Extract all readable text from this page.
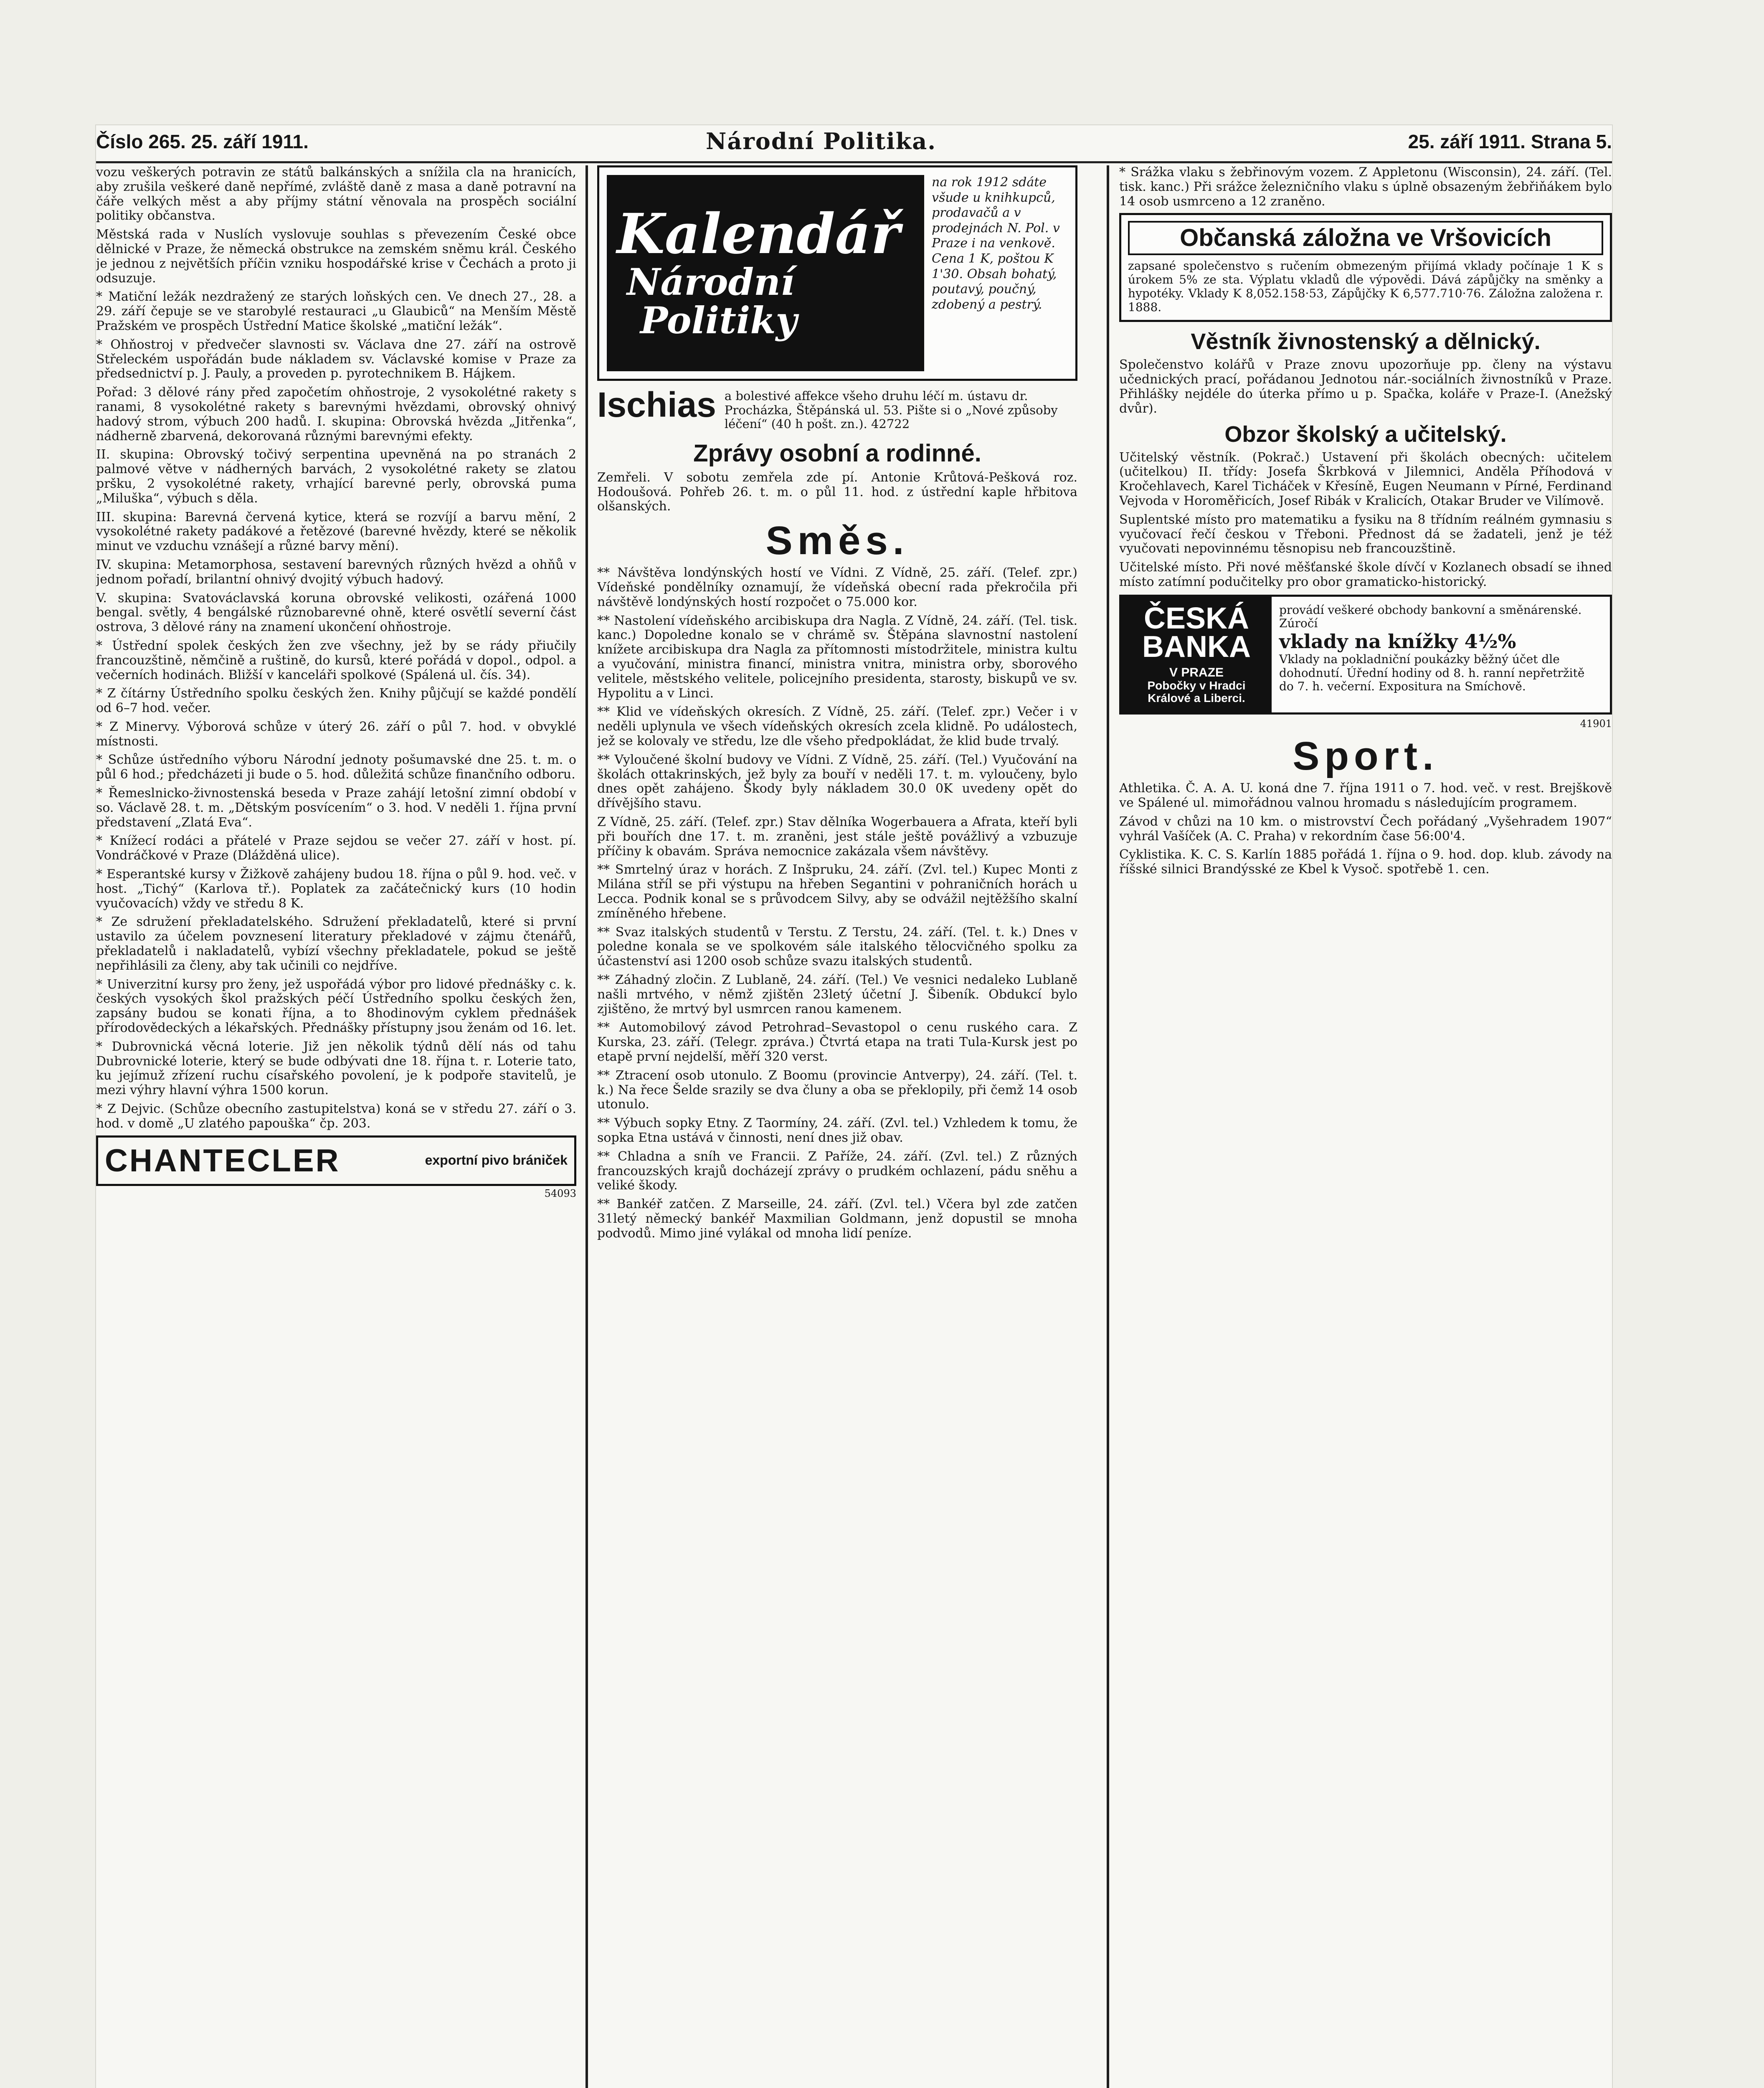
Číslo 265. 25. září 1911.	Národní Politika.	25. září 1911. Strana 5.

vozu veškerých potravin ze států balkánských a snížila cla na hranicích, aby zrušila veškeré daně nepřímé, zvláště daně z masa a daně potravní na čáře velkých měst a aby příjmy státní věnovala na prospěch sociální politiky občanstva.

Městská rada v Nuslích vyslovuje souhlas s převezením České obce dělnické v Praze, že německá obstrukce na zemském sněmu král. Českého je jednou z největších příčin vzniku hospodářské krise v Čechách a proto ji odsuzuje.

* Matiční ležák nezdražený ze starých loňských cen. Ve dnech 27., 28. a 29. září čepuje se ve starobylé restauraci „u Glaubiců“ na Menším Městě Pražském ve prospěch Ústřední Matice školské „matiční ležák“.

* Ohňostroj v předvečer slavnosti sv. Václava dne 27. září na ostrově Střeleckém uspořádán bude nákladem sv. Václavské komise v Praze za předsednictví p. J. Pauly, a proveden p. pyrotechnikem B. Hájkem.

Pořad: 3 dělové rány před započetím ohňostroje, 2 vysokolétné rakety s ranami, 8 vysokolétné rakety s barevnými hvězdami, obrovský ohnivý hadový strom, výbuch 200 hadů. I. skupina: Obrovská hvězda „Jitřenka“, nádherně zbarvená, dekorovaná různými barevnými efekty.

II. skupina: Obrovský točivý serpentina upevněná na po stranách 2 palmové větve v nádherných barvách, 2 vysokolétné rakety se zlatou pršku, 2 vysokolétné rakety, vrhající barevné perly, obrovská puma „Miluška“, výbuch s děla.

III. skupina: Barevná červená kytice, která se rozvíjí a barvu mění, 2 vysokolétné rakety padákové a řetězové (barevné hvězdy, které se několik minut ve vzduchu vznášejí a různé barvy mění).

IV. skupina: Metamorphosa, sestavení barevných různých hvězd a ohňů v jednom pořadí, brilantní ohnivý dvojitý výbuch hadový.

V. skupina: Svatováclavská koruna obrovské velikosti, ozářená 1000 bengal. světly, 4 bengálské různobarevné ohně, které osvětlí severní část ostrova, 3 dělové rány na znamení ukončení ohňostroje.

* Ústřední spolek českých žen zve všechny, jež by se rády přiučily francouzštině, němčině a ruštině, do kursů, které pořádá v dopol., odpol. a večerních hodinách. Bližší v kanceláři spolkové (Spálená ul. čís. 34).

* Z čítárny Ústředního spolku českých žen. Knihy půjčují se každé pondělí od 6–7 hod. večer.

* Z Minervy. Výborová schůze v úterý 26. září o půl 7. hod. v obvyklé místnosti.

* Schůze ústředního výboru Národní jednoty pošumavské dne 25. t. m. o půl 6 hod.; předcházeti ji bude o 5. hod. důležitá schůze finančního odboru.

* Řemeslnicko-živnostenská beseda v Praze zahájí letošní zimní období v so. Václavě 28. t. m. „Dětským posvícením“ o 3. hod. V neděli 1. října první představení „Zlatá Eva“.

* Knížecí rodáci a přátelé v Praze sejdou se večer 27. září v host. pí. Vondráčkové v Praze (Dlážděná ulice).

* Esperantské kursy v Žižkově zahájeny budou 18. října o půl 9. hod. več. v host. „Tichý“ (Karlova tř.). Poplatek za začátečnický kurs (10 hodin vyučovacích) vždy ve středu 8 K.

* Ze sdružení překladatelského. Sdružení překladatelů, které si první ustavilo za účelem povznesení literatury překladové v zájmu čtenářů, překladatelů i nakladatelů, vybízí všechny překladatele, pokud se ještě nepřihlásili za členy, aby tak učinili co nejdříve.

* Univerzitní kursy pro ženy, jež uspořádá výbor pro lidové přednášky c. k. českých vysokých škol pražských péčí Ústředního spolku českých žen, zapsány budou se konati října, a to 8hodinovým cyklem přednášek přírodovědeckých a lékařských. Přednášky přístupny jsou ženám od 16. let.

* Dubrovnická věcná loterie. Již jen několik týdnů dělí nás od tahu Dubrovnické loterie, který se bude odbývati dne 18. října t. r. Loterie tato, ku jejímuž zřízení ruchu císařského povolení, je k podpoře stavitelů, je mezi výhry hlavní výhra 1500 korun.

* Z Dejvic. (Schůze obecního zastupitelstva) koná se v středu 27. září o 3. hod. v domě „U zlatého papouška“ čp. 203.

CHANTECLER	exportní pivo brániček
54093
Kalendář
Národní
Politiky
na rok 1912 sdáte všude u knihkupců, prodavačů a v prodejnách N. Pol. v Praze i na venkově. Cena 1 K, poštou K 1'30. Obsah bohatý, poutavý, poučný, zdobený a pestrý.
Ischias a bolestivé affekce všeho druhu léčí m. ústavu dr. Procházka, Štěpánská ul. 53. Pište si o „Nové způsoby léčení“ (40 h pošt. zn.). 42722
Zprávy osobní a rodinné.

Zemřeli. V sobotu zemřela zde pí. Antonie Krůtová-Pešková roz. Hodoušová. Pohřeb 26. t. m. o půl 11. hod. z ústřední kaple hřbitova olšanských.

Směs.

** Návštěva londýnských hostí ve Vídni. Z Vídně, 25. září. (Telef. zpr.) Vídeňské pondělníky oznamují, že vídeňská obecní rada překročila při návštěvě londýnských hostí rozpočet o 75.000 kor.

** Nastolení vídeňského arcibiskupa dra Nagla. Z Vídně, 24. září. (Tel. tisk. kanc.) Dopoledne konalo se v chrámě sv. Štěpána slavnostní nastolení knížete arcibiskupa dra Nagla za přítomnosti místodržitele, ministra kultu a vyučování, ministra financí, ministra vnitra, ministra orby, sborového velitele, městského velitele, policejního presidenta, starosty, biskupů ve sv. Hypolitu a v Linci.

** Klid ve vídeňských okresích. Z Vídně, 25. září. (Telef. zpr.) Večer i v neděli uplynula ve všech vídeňských okresích zcela klidně. Po událostech, jež se kolovaly ve středu, lze dle všeho předpokládat, že klid bude trvalý.

** Vyloučené školní budovy ve Vídni. Z Vídně, 25. září. (Tel.) Vyučování na školách ottakrinských, jež byly za bouří v neděli 17. t. m. vyloučeny, bylo dnes opět zahájeno. Škody byly nákladem 30.0 0K uvedeny opět do dřívějšího stavu.

Z Vídně, 25. září. (Telef. zpr.) Stav dělníka Wogerbauera a Afrata, kteří byli při bouřích dne 17. t. m. zraněni, jest stále ještě povážlivý a vzbuzuje příčiny k obavám. Správa nemocnice zakázala všem návštěvy.

** Smrtelný úraz v horách. Z Inšpruku, 24. září. (Zvl. tel.) Kupec Monti z Milána stříl se při výstupu na hřeben Segantini v pohraničních horách u Lecca. Podnik konal se s průvodcem Silvy, aby se odvážil nejtěžšího skalní zmíněného hřebene.

** Svaz italských studentů v Terstu. Z Terstu, 24. září. (Tel. t. k.) Dnes v poledne konala se ve spolkovém sále italského tělocvičného spolku za účastenství asi 1200 osob schůze svazu italských studentů.

** Záhadný zločin. Z Lublaně, 24. září. (Tel.) Ve vesnici nedaleko Lublaně našli mrtvého, v němž zjištěn 23letý účetní J. Šibeník. Obdukcí bylo zjištěno, že mrtvý byl usmrcen ranou kamenem.

** Automobilový závod Petrohrad–Sevastopol o cenu ruského cara. Z Kurska, 23. září. (Telegr. zpráva.) Čtvrtá etapa na trati Tula-Kursk jest po etapě první nejdelší, měří 320 verst.

** Ztracení osob utonulo. Z Boomu (provincie Antverpy), 24. září. (Tel. t. k.) Na řece Šelde srazily se dva čluny a oba se překlopily, při čemž 14 osob utonulo.

** Výbuch sopky Etny. Z Taormíny, 24. září. (Zvl. tel.) Vzhledem k tomu, že sopka Etna ustává v činnosti, není dnes již obav.

** Chladna a sníh ve Francii. Z Paříže, 24. září. (Zvl. tel.) Z různých francouzských krajů docházejí zprávy o prudkém ochlazení, pádu sněhu a veliké škody.

** Bankéř zatčen. Z Marseille, 24. září. (Zvl. tel.) Včera byl zde zatčen 31letý německý bankéř Maxmilian Goldmann, jenž dopustil se mnoha podvodů. Mimo jiné vylákal od mnoha lidí peníze.

* Srážka vlaku s žebřinovým vozem. Z Appletonu (Wisconsin), 24. září. (Tel. tisk. kanc.) Při srážce železničního vlaku s úplně obsazeným žebřiňákem bylo 14 osob usmrceno a 12 zraněno.

Občanská záložna ve Vršovicích
zapsané společenstvo s ručením obmezeným přijímá vklady počínaje 1 K s úrokem 5% ze sta. Výplatu vkladů dle výpovědi. Dává zápůjčky na směnky a hypotéky. Vklady K 8,052.158·53, Zápůjčky K 6,577.710·76. Záložna založena r. 1888.
Věstník živnostenský a dělnický.

Společenstvo kolářů v Praze znovu upozorňuje pp. členy na výstavu učednických prací, pořádanou Jednotou nár.-sociálních živnostníků v Praze. Přihlášky nejdéle do úterka přímo u p. Spačka, koláře v Praze-I. (Anežský dvůr).

Obzor školský a učitelský.

Učitelský věstník. (Pokrač.) Ustavení při školách obecných: učitelem (učitelkou) II. třídy: Josefa Škrbková v Jilemnici, Anděla Příhodová v Kročehlavech, Karel Ticháček v Křesíně, Eugen Neumann v Pírné, Ferdinand Vejvoda v Horoměřicích, Josef Ribák v Kralicích, Otakar Bruder ve Vilímově.

Suplentské místo pro matematiku a fysiku na 8 třídním reálném gymnasiu s vyučovací řečí českou v Třeboni. Přednost dá se žadateli, jenž je též vyučovati nepovinnému těsnopisu neb francouzštině.

Učitelské místo. Při nové měšťanské škole dívčí v Kozlanech obsadí se ihned místo zatímní podučitelky pro obor gramaticko-historický.

ČESKÁ
BANKA
V PRAZE
Pobočky v Hradci Králové a Liberci.
provádí veškeré obchody bankovní a směnárenské. Zúročí
vklady na knížky 4½%
Vklady na pokladniční poukázky běžný účet dle dohodnutí. Úřední hodiny od 8. h. ranní nepřetržitě do 7. h. večerní. Expositura na Smíchově.
41901
Sport.

Athletika. Č. A. A. U. koná dne 7. října 1911 o 7. hod. več. v rest. Brejškově ve Spálené ul. mimořádnou valnou hromadu s následujícím programem.

Závod v chůzi na 10 km. o mistrovství Čech pořádaný „Vyšehradem 1907“ vyhrál Vašíček (A. C. Praha) v rekordním čase 56:00'4.

Cyklistika. K. C. S. Karlín 1885 pořádá 1. října o 9. hod. dop. klub. závody na říšské silnici Brandýsské ze Kbel k Vysoč. spotřebě 1. cen.
